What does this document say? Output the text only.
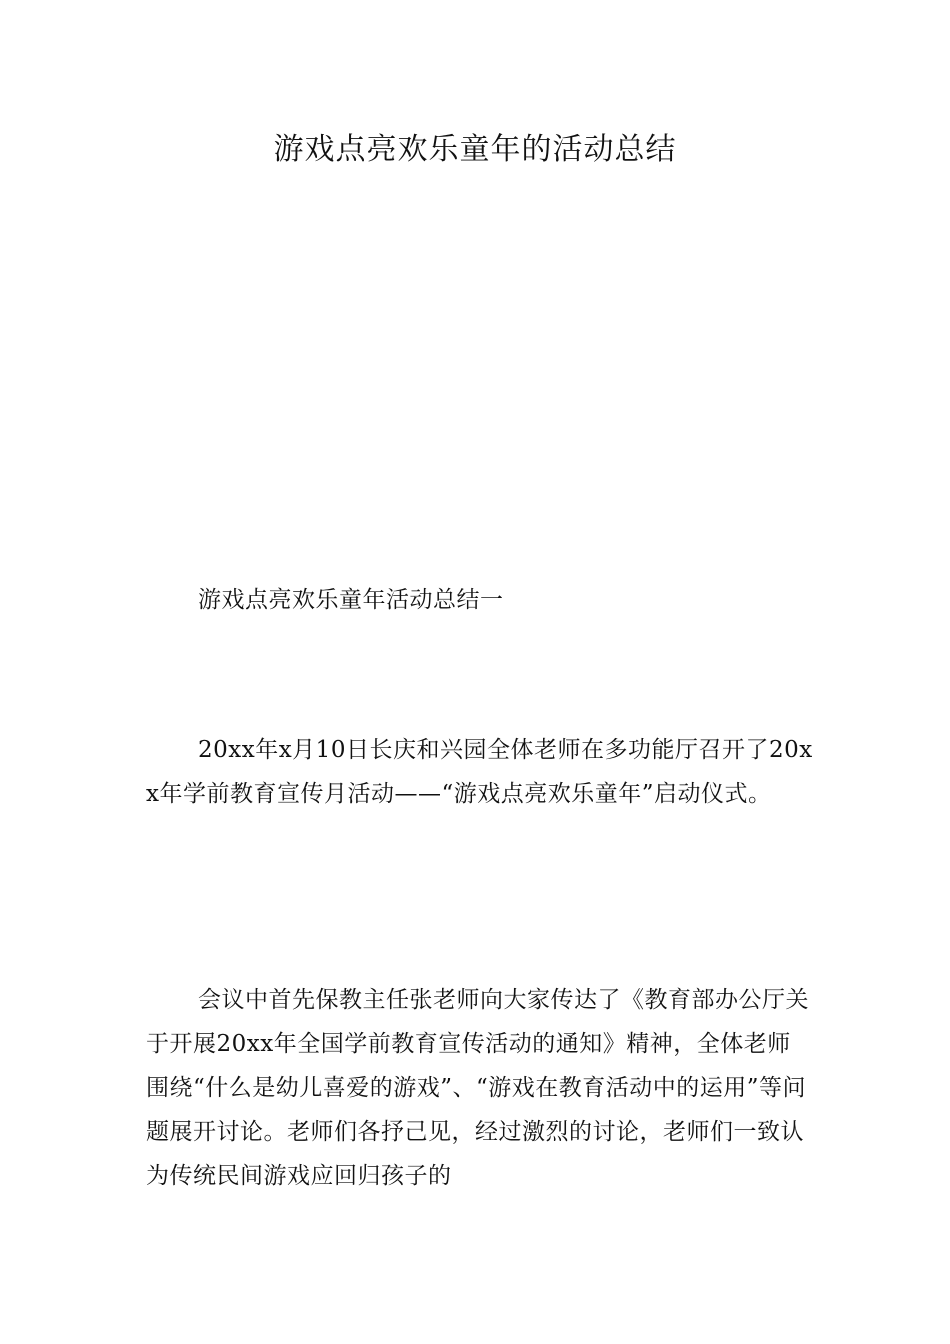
游戏点亮欢乐童年的活动总结

游戏点亮欢乐童年活动总结一

20xx年x月10日长庆和兴园全体老师在多功能厅召开了20xx年学前教育宣传月活动——“游戏点亮欢乐童年”启动仪式。

会议中首先保教主任张老师向大家传达了《教育部办公厅关于开展20xx年全国学前教育宣传活动的通知》精神，全体老师围绕“什么是幼儿喜爱的游戏”、“游戏在教育活动中的运用”等问题展开讨论。老师们各抒己见，经过激烈的讨论，老师们一致认为传统民间游戏应回归孩子的
